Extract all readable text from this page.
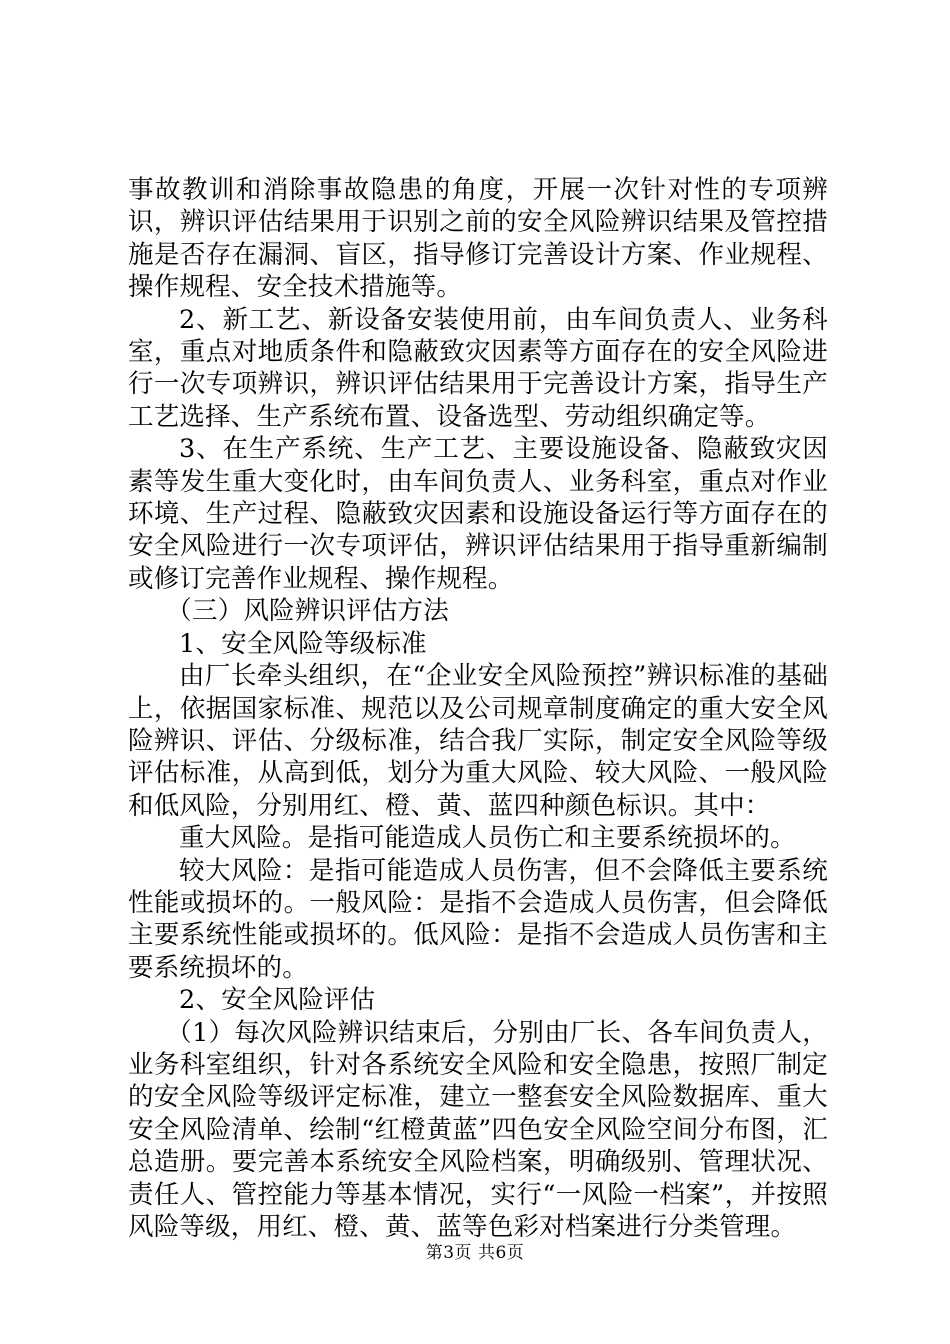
事故教训和消除事故隐患的角度，开展一次针对性的专项辨识，辨识评估结果用于识别之前的安全风险辨识结果及管控措施是否存在漏洞、盲区，指导修订完善设计方案、作业规程、操作规程、安全技术措施等。

2、新工艺、新设备安装使用前，由车间负责人、业务科室，重点对地质条件和隐蔽致灾因素等方面存在的安全风险进行一次专项辨识，辨识评估结果用于完善设计方案，指导生产工艺选择、生产系统布置、设备选型、劳动组织确定等。

3、在生产系统、生产工艺、主要设施设备、隐蔽致灾因素等发生重大变化时，由车间负责人、业务科室，重点对作业环境、生产过程、隐蔽致灾因素和设施设备运行等方面存在的安全风险进行一次专项评估，辨识评估结果用于指导重新编制或修订完善作业规程、操作规程。

（三）风险辨识评估方法

1、安全风险等级标准

由厂长牵头组织，在“企业安全风险预控”辨识标准的基础上，依据国家标准、规范以及公司规章制度确定的重大安全风险辨识、评估、分级标准，结合我厂实际，制定安全风险等级评估标准，从高到低，划分为重大风险、较大风险、一般风险和低风险，分别用红、橙、黄、蓝四种颜色标识。其中：

重大风险。是指可能造成人员伤亡和主要系统损坏的。

较大风险：是指可能造成人员伤害，但不会降低主要系统性能或损坏的。一般风险：是指不会造成人员伤害，但会降低主要系统性能或损坏的。低风险：是指不会造成人员伤害和主要系统损坏的。

2、安全风险评估

（1）每次风险辨识结束后，分别由厂长、各车间负责人，业务科室组织，针对各系统安全风险和安全隐患，按照厂制定的安全风险等级评定标准，建立一整套安全风险数据库、重大安全风险清单、绘制“红橙黄蓝”四色安全风险空间分布图，汇总造册。要完善本系统安全风险档案，明确级别、管理状况、责任人、管控能力等基本情况，实行“一风险一档案”，并按照风险等级，用红、橙、黄、蓝等色彩对档案进行分类管理。

第3页 共6页
